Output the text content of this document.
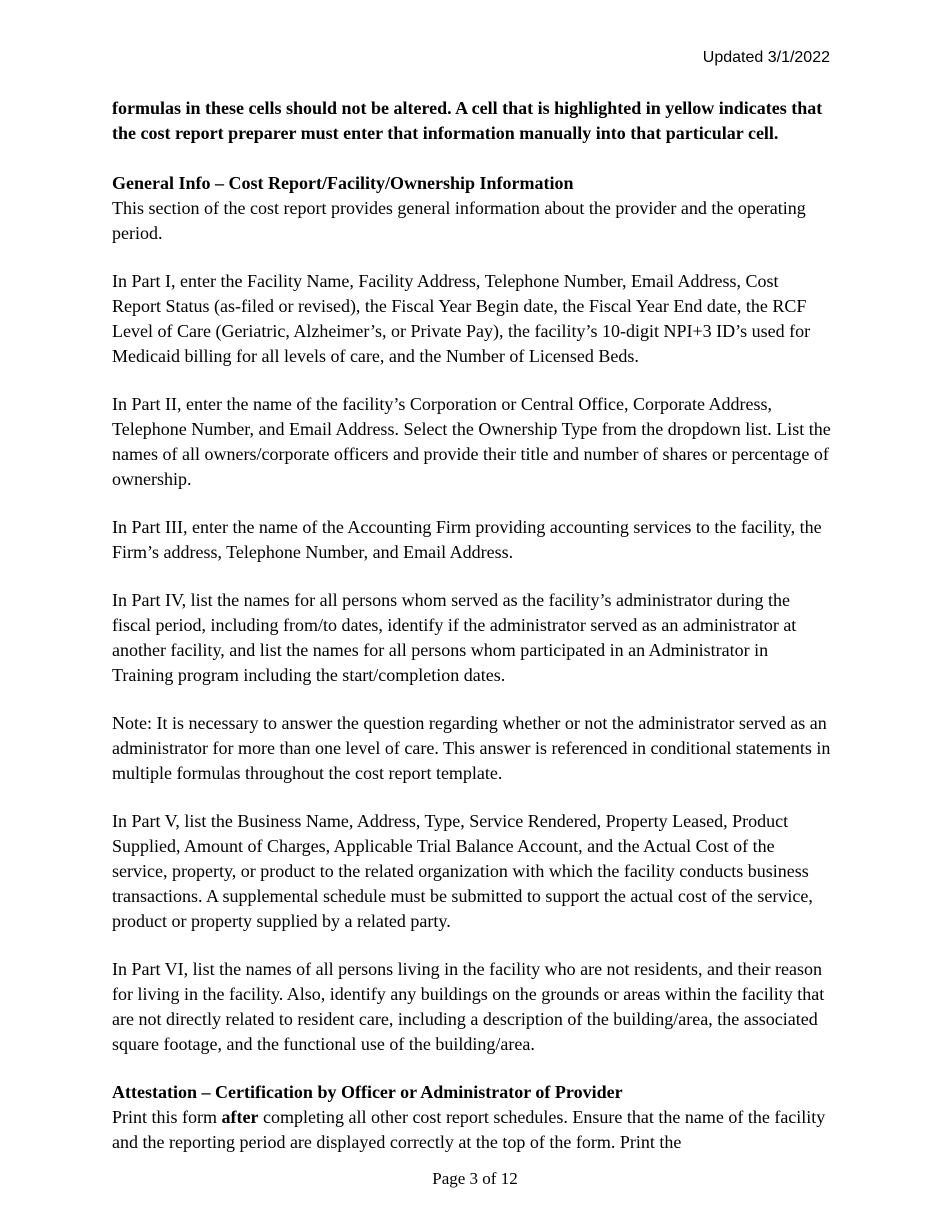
Updated 3/1/2022

formulas in these cells should not be altered. A cell that is highlighted in yellow indicates that the cost report preparer must enter that information manually into that particular cell.

General Info – Cost Report/Facility/Ownership Information

This section of the cost report provides general information about the provider and the operating period.

In Part I, enter the Facility Name, Facility Address, Telephone Number, Email Address, Cost Report Status (as-filed or revised), the Fiscal Year Begin date, the Fiscal Year End date, the RCF Level of Care (Geriatric, Alzheimer’s, or Private Pay), the facility’s 10-digit NPI+3 ID’s used for Medicaid billing for all levels of care, and the Number of Licensed Beds.

In Part II, enter the name of the facility’s Corporation or Central Office, Corporate Address, Telephone Number, and Email Address. Select the Ownership Type from the dropdown list. List the names of all owners/corporate officers and provide their title and number of shares or percentage of ownership.

In Part III, enter the name of the Accounting Firm providing accounting services to the facility, the Firm’s address, Telephone Number, and Email Address.

In Part IV, list the names for all persons whom served as the facility’s administrator during the fiscal period, including from/to dates, identify if the administrator served as an administrator at another facility, and list the names for all persons whom participated in an Administrator in Training program including the start/completion dates.

Note: It is necessary to answer the question regarding whether or not the administrator served as an administrator for more than one level of care. This answer is referenced in conditional statements in multiple formulas throughout the cost report template.

In Part V, list the Business Name, Address, Type, Service Rendered, Property Leased, Product Supplied, Amount of Charges, Applicable Trial Balance Account, and the Actual Cost of the service, property, or product to the related organization with which the facility conducts business transactions. A supplemental schedule must be submitted to support the actual cost of the service, product or property supplied by a related party.

In Part VI, list the names of all persons living in the facility who are not residents, and their reason for living in the facility. Also, identify any buildings on the grounds or areas within the facility that are not directly related to resident care, including a description of the building/area, the associated square footage, and the functional use of the building/area.

Attestation – Certification by Officer or Administrator of Provider

Print this form after completing all other cost report schedules. Ensure that the name of the facility and the reporting period are displayed correctly at the top of the form. Print the

Page 3 of 12
